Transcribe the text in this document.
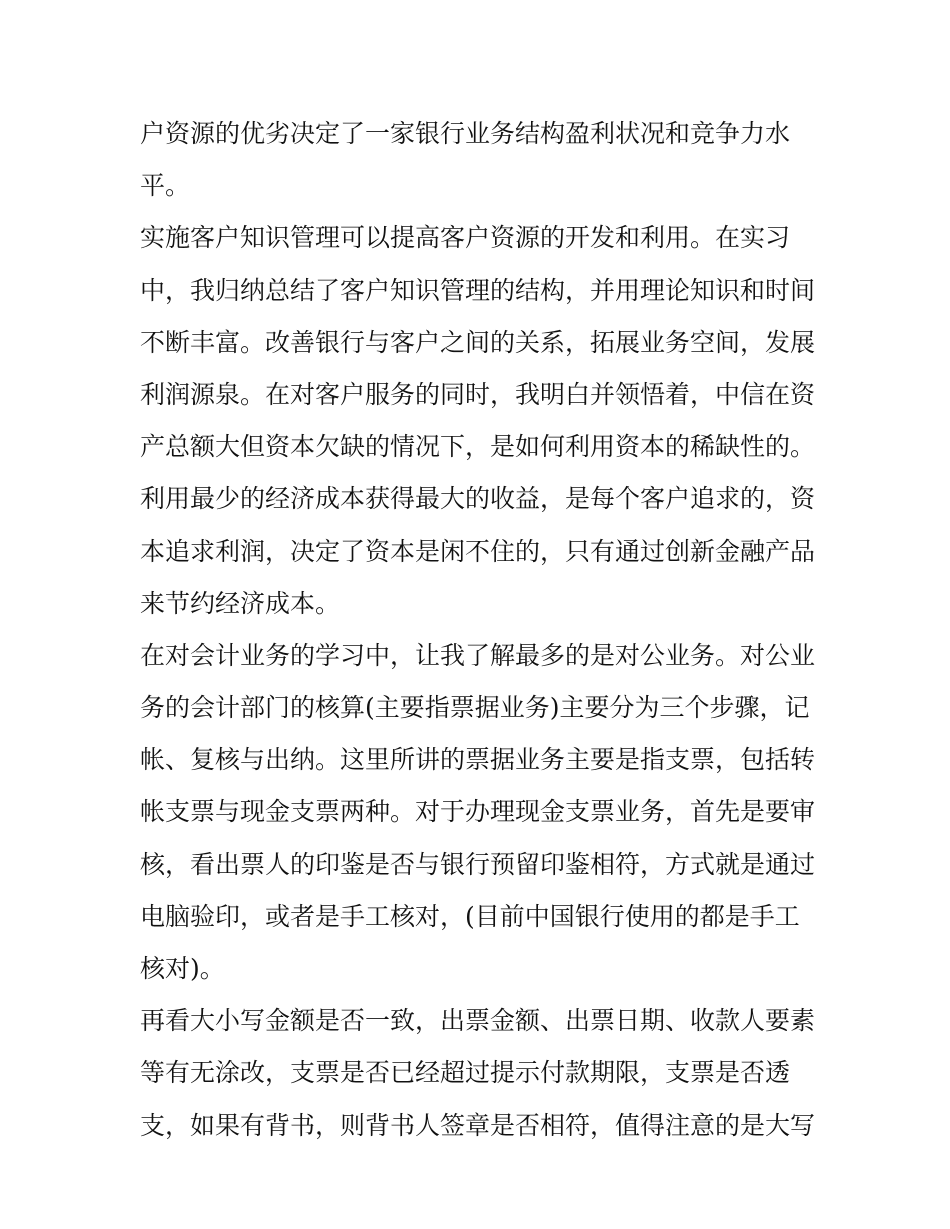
户资源的优劣决定了一家银行业务结构盈利状况和竞争力水
平。
实施客户知识管理可以提高客户资源的开发和利用。在实习
中，我归纳总结了客户知识管理的结构，并用理论知识和时间
不断丰富。改善银行与客户之间的关系，拓展业务空间，发展
利润源泉。在对客户服务的同时，我明白并领悟着，中信在资
产总额大但资本欠缺的情况下，是如何利用资本的稀缺性的。
利用最少的经济成本获得最大的收益，是每个客户追求的，资
本追求利润，决定了资本是闲不住的，只有通过创新金融产品
来节约经济成本。
在对会计业务的学习中，让我了解最多的是对公业务。对公业
务的会计部门的核算(主要指票据业务)主要分为三个步骤，记
帐、复核与出纳。这里所讲的票据业务主要是指支票，包括转
帐支票与现金支票两种。对于办理现金支票业务，首先是要审
核，看出票人的印鉴是否与银行预留印鉴相符，方式就是通过
电脑验印，或者是手工核对，(目前中国银行使用的都是手工
核对)。
再看大小写金额是否一致，出票金额、出票日期、收款人要素
等有无涂改，支票是否已经超过提示付款期限，支票是否透
支，如果有背书，则背书人签章是否相符，值得注意的是大写
